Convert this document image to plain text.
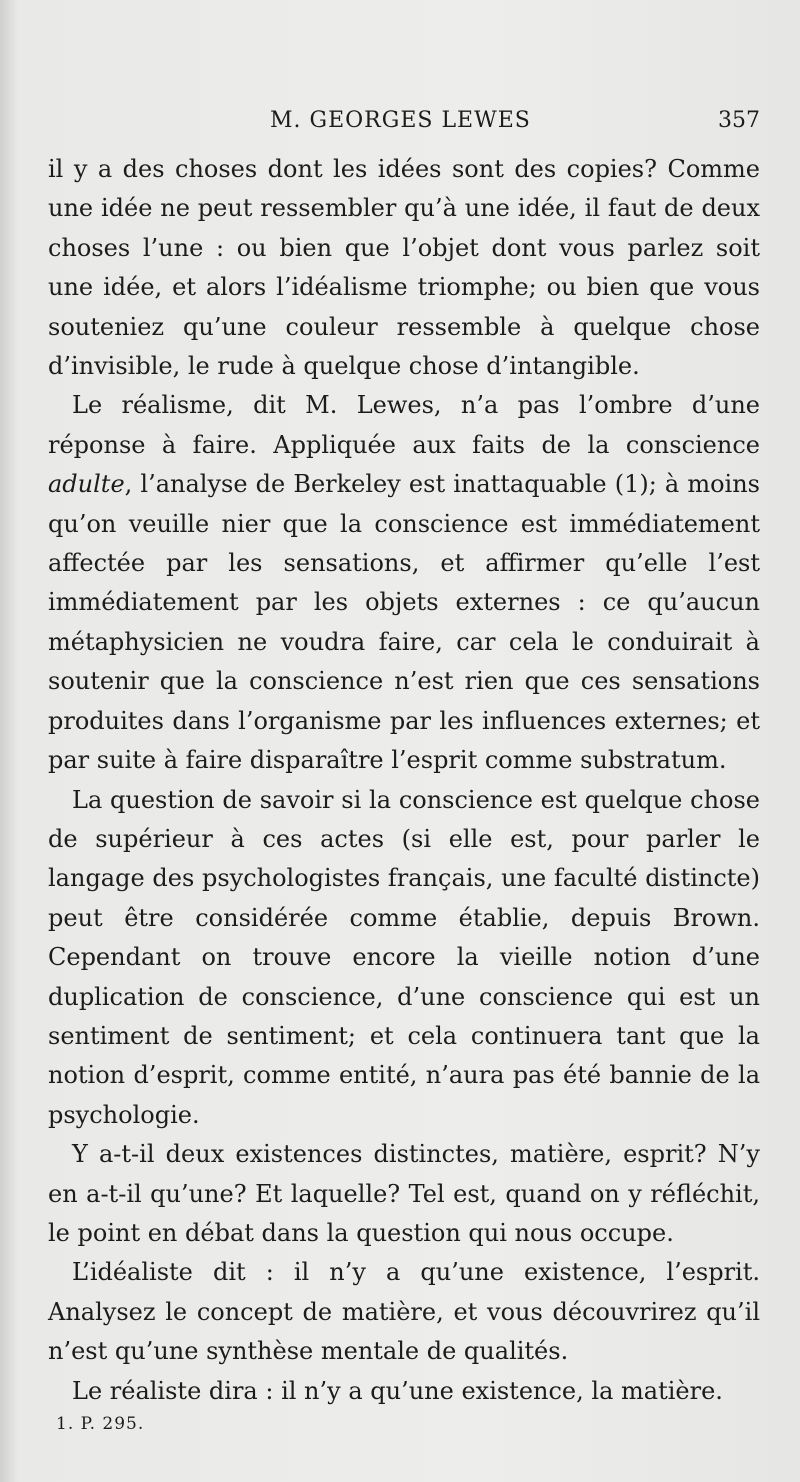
M. GEORGES LEWES	357

il y a des choses dont les idées sont des copies? Comme une idée ne peut ressembler qu’à une idée, il faut de deux choses l’une : ou bien que l’objet dont vous parlez soit une idée, et alors l’idéalisme triomphe; ou bien que vous souteniez qu’une couleur ressemble à quelque chose d’invisible, le rude à quelque chose d’intangible.

Le réalisme, dit M. Lewes, n’a pas l’ombre d’une réponse à faire. Appliquée aux faits de la conscience adulte, l’analyse de Berkeley est inattaquable (1); à moins qu’on veuille nier que la conscience est immédiatement affectée par les sensations, et affirmer qu’elle l’est immédiatement par les objets externes : ce qu’aucun métaphysicien ne voudra faire, car cela le conduirait à soutenir que la conscience n’est rien que ces sensations produites dans l’organisme par les influences externes; et par suite à faire disparaître l’esprit comme substratum.

La question de savoir si la conscience est quelque chose de supérieur à ces actes (si elle est, pour parler le langage des psychologistes français, une faculté distincte) peut être considérée comme établie, depuis Brown. Cependant on trouve encore la vieille notion d’une duplication de conscience, d’une conscience qui est un sentiment de sentiment; et cela continuera tant que la notion d’esprit, comme entité, n’aura pas été bannie de la psychologie.

Y a-t-il deux existences distinctes, matière, esprit? N’y en a-t-il qu’une? Et laquelle? Tel est, quand on y réfléchit, le point en débat dans la question qui nous occupe.

L’idéaliste dit : il n’y a qu’une existence, l’esprit. Analysez le concept de matière, et vous découvrirez qu’il n’est qu’une synthèse mentale de qualités.

Le réaliste dira : il n’y a qu’une existence, la matière.

1. P. 295.
